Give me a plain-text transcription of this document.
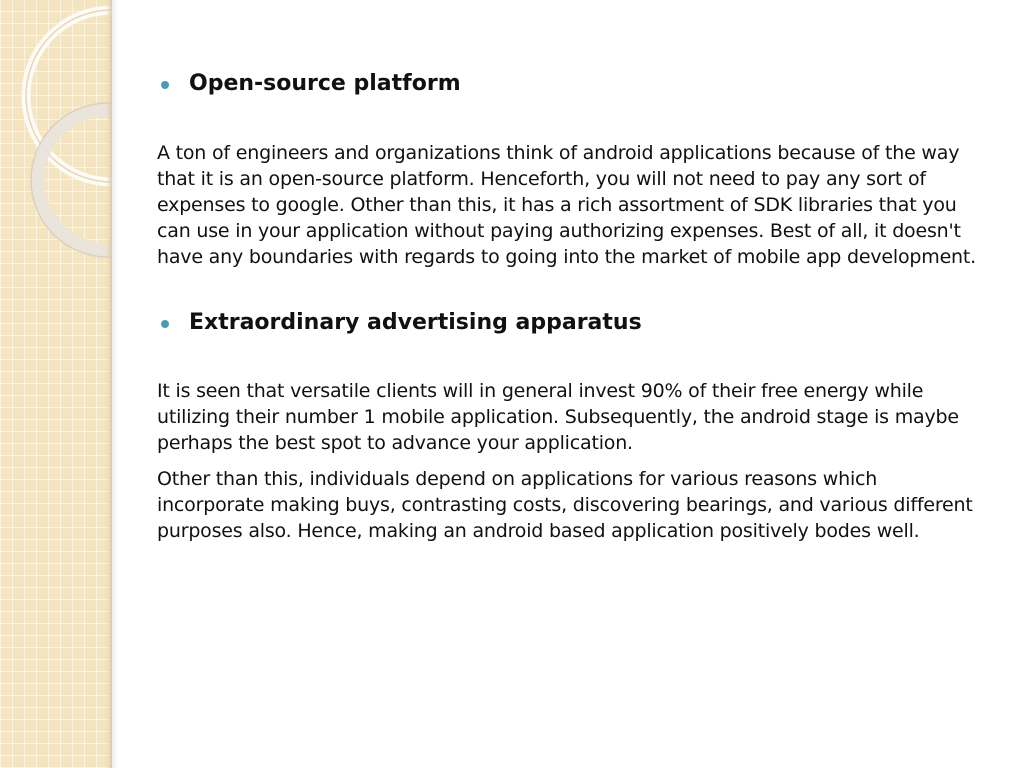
Open-source platform

A ton of engineers and organizations think of android applications because of the way that it is an open-source platform. Henceforth, you will not need to pay any sort of expenses to google. Other than this, it has a rich assortment of SDK libraries that you can use in your application without paying authorizing expenses. Best of all, it doesn't have any boundaries with regards to going into the market of mobile app development.

Extraordinary advertising apparatus

It is seen that versatile clients will in general invest 90% of their free energy while utilizing their number 1 mobile application. Subsequently, the android stage is maybe perhaps the best spot to advance your application.

Other than this, individuals depend on applications for various reasons which incorporate making buys, contrasting costs, discovering bearings, and various different purposes also. Hence, making an android based application positively bodes well.
